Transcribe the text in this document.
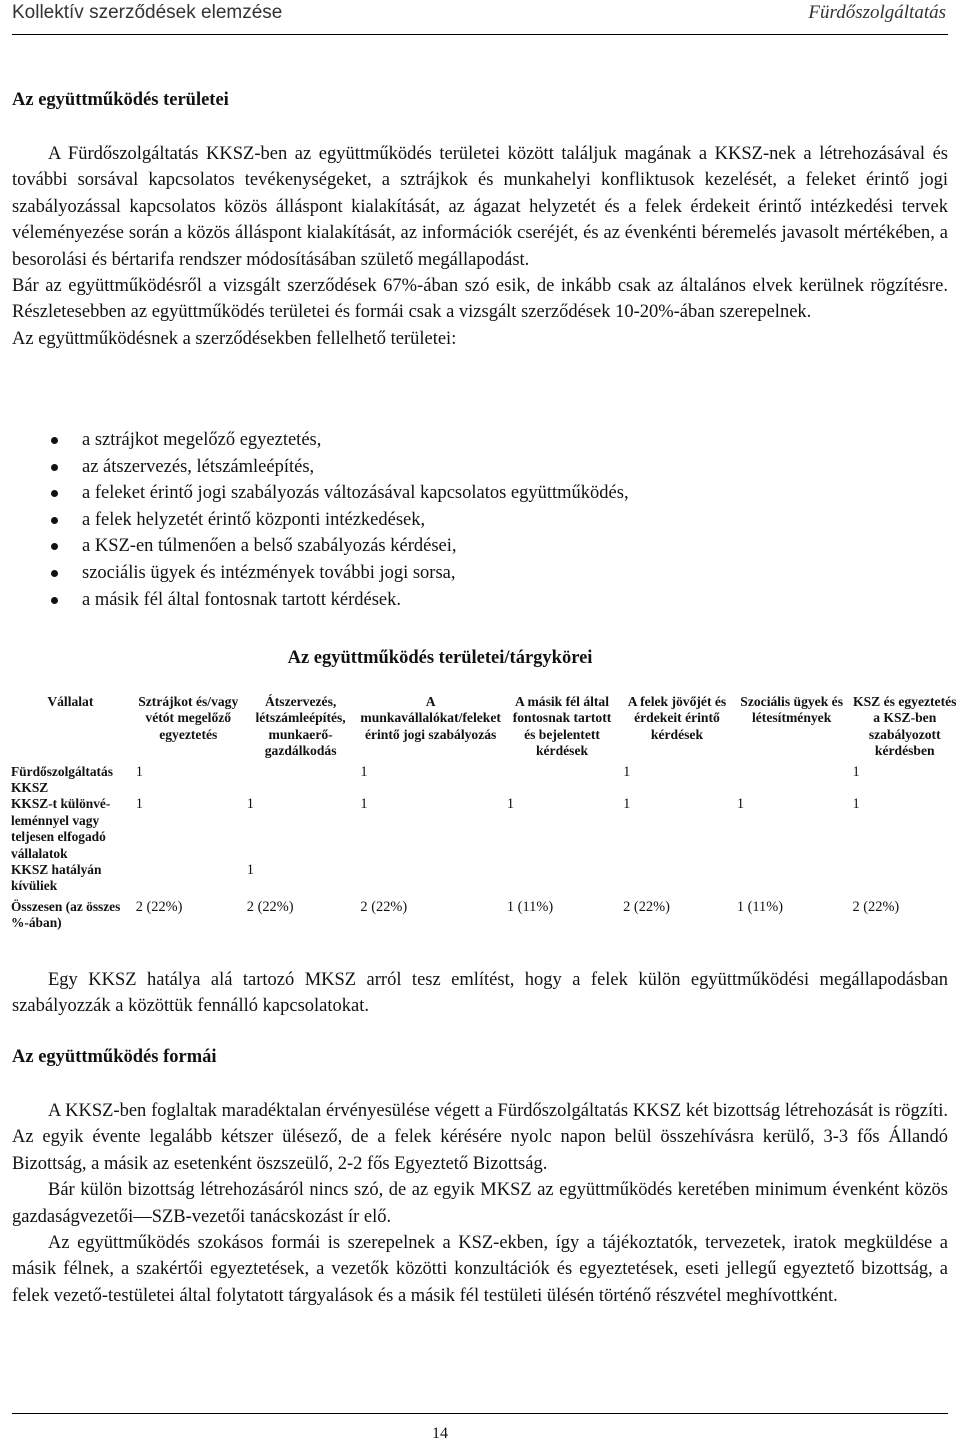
Kollektív szerződések elemzése	Fürdőszolgáltatás
Az együttműködés területei

A Fürdőszolgáltatás KKSZ-ben az együttműködés területei között találjuk magának a KKSZ-nek a létrehozásával és további sorsával kapcsolatos tevékenységeket, a sztrájkok és munkahelyi konfliktusok kezelését, a feleket érintő jogi szabályozással kapcsolatos közös álláspont kialakítását, az ágazat helyzetét és a felek érdekeit érintő intézkedési tervek véleményezése során a közös álláspont kialakítását, az információk cseréjét, és az évenkénti béremelés javasolt mértékében, a besorolási és bértarifa rendszer módosításában születő megállapodást.

Bár az együttműködésről a vizsgált szerződések 67%-ában szó esik, de inkább csak az általános elvek kerülnek rögzítésre. Részletesebben az együttműködés területei és formái csak a vizsgált szerződések 10-20%-ában szerepelnek.

Az együttműködésnek a szerződésekben fellelhető területei:

a sztrájkot megelőző egyeztetés,
az átszervezés, létszámleépítés,
a feleket érintő jogi szabályozás változásával kapcsolatos együttműködés,
a felek helyzetét érintő központi intézkedések,
a KSZ-en túlmenően a belső szabályozás kérdései,
szociális ügyek és intézmények további jogi sorsa,
a másik fél által fontosnak tartott kérdések.
Az együttműködés területei/tárgykörei
Vállalat	Sztrájkot és/vagy vétót megelőző egyeztetés	Átszervezés, létszámleépítés, munkaerőgazdálkodás	A munkavállalókat/feleket érintő jogi szabályozás	A másik fél által fontosnak tartott és bejelentett kérdések	A felek jövőjét és érdekeit érintő kérdések	Szociális ügyek és létesítmények	KSZ és egyeztetés a KSZ-ben szabályozott kérdésben
Fürdőszolgáltatás KKSZ	1		1		1		1
KKSZ-t különvéleménnyel vagy teljesen elfogadó vállalatok	1	1	1	1	1	1	1
KKSZ hatályán kívüliek		1					
Összesen (az összes %-ában)	2 (22%)	2 (22%)	2 (22%)	1 (11%)	2 (22%)	1 (11%)	2 (22%)

Egy KKSZ hatálya alá tartozó MKSZ arról tesz említést, hogy a felek külön együttműködési megállapodásban szabályozzák a közöttük fennálló kapcsolatokat.

Az együttműködés formái

A KKSZ-ben foglaltak maradéktalan érvényesülése végett a Fürdőszolgáltatás KKSZ két bizottság létrehozását is rögzíti. Az egyik évente legalább kétszer ülésező, de a felek kérésére nyolc napon belül összehívásra kerülő, 3-3 fős Állandó Bizottság, a másik az esetenként öszszeülő, 2-2 fős Egyeztető Bizottság.

Bár külön bizottság létrehozásáról nincs szó, de az egyik MKSZ az együttműködés keretében minimum évenként közös gazdaságvezetői—SZB-vezetői tanácskozást ír elő.

Az együttműködés szokásos formái is szerepelnek a KSZ-ekben, így a tájékoztatók, tervezetek, iratok megküldése a másik félnek, a szakértői egyeztetések, a vezetők közötti konzultációk és egyeztetések, eseti jellegű egyeztető bizottság, a felek vezető-testületei által folytatott tárgyalások és a másik fél testületi ülésén történő részvétel meghívottként.

14
